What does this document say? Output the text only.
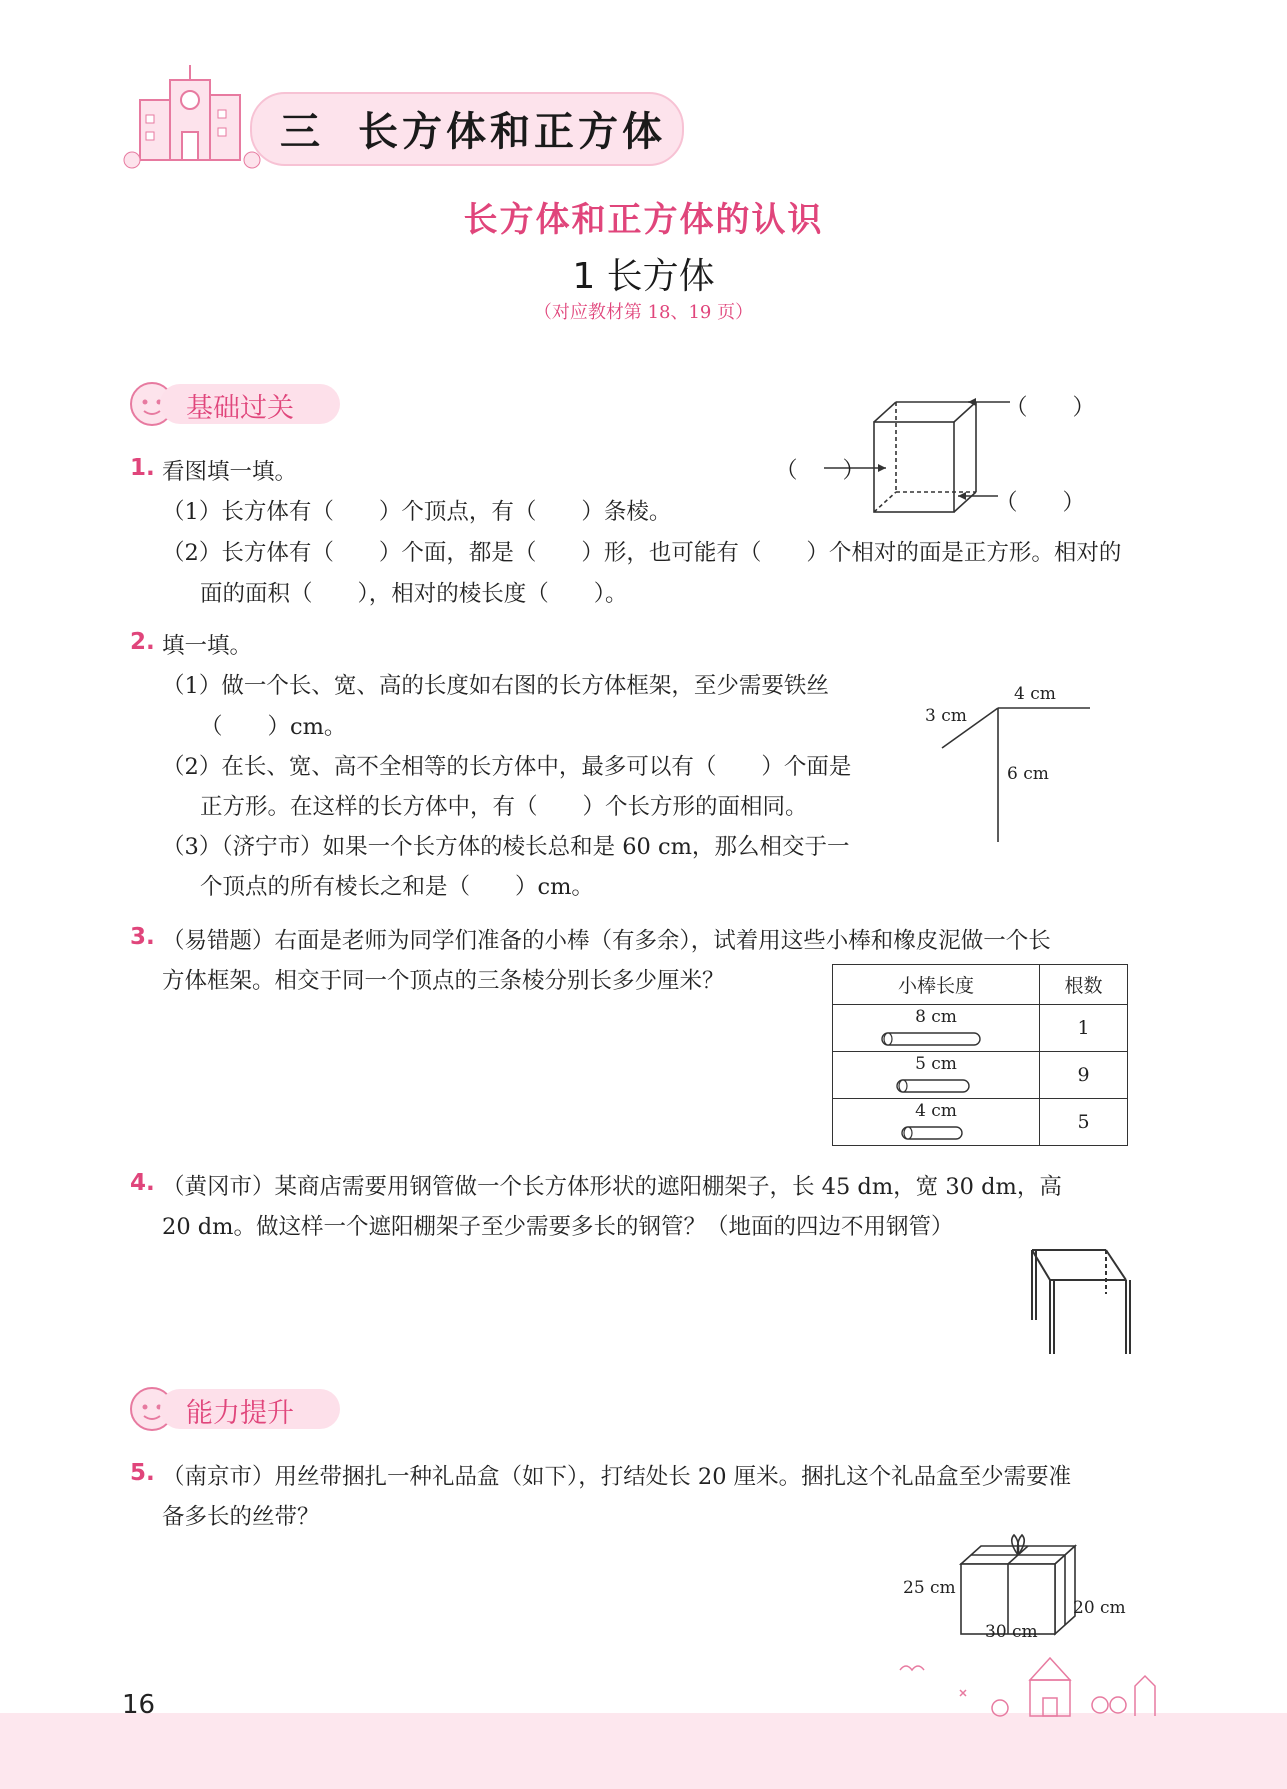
三 长方体和正方体
长方体和正方体的认识
1 长方体
（对应教材第 18、19 页）
基础过关	（　　）
（　　）
（　　）
1. 看图填一填。
（1）长方体有（　　）个顶点，有（　　）条棱。
（2）长方体有（　　）个面，都是（　　）形，也可能有（　　）个相对的面是正方形。相对的
面的面积（　　），相对的棱长度（　　）。
2. 填一填。
（1）做一个长、宽、高的长度如右图的长方体框架，至少需要铁丝
（　　）cm。
（2）在长、宽、高不全相等的长方体中，最多可以有（　　）个面是
正方形。在这样的长方体中，有（　　）个长方形的面相同。
（3）（济宁市）如果一个长方体的棱长总和是 60 cm，那么相交于一
个顶点的所有棱长之和是（　　）cm。
4 cm
3 cm
6 cm
3. （易错题）右面是老师为同学们准备的小棒（有多余），试着用这些小棒和橡皮泥做一个长
方体框架。相交于同一个顶点的三条棱分别长多少厘米？	小棒长度	根数

8 cm	1

5 cm	9

4 cm	5
4. （黄冈市）某商店需要用钢管做一个长方体形状的遮阳棚架子，长 45 dm，宽 30 dm，高
20 dm。做这样一个遮阳棚架子至少需要多长的钢管？（地面的四边不用钢管）
能力提升
5. （南京市）用丝带捆扎一种礼品盒（如下），打结处长 20 厘米。捆扎这个礼品盒至少需要准
备多长的丝带？
25 cm
20 cm
30 cm
16
